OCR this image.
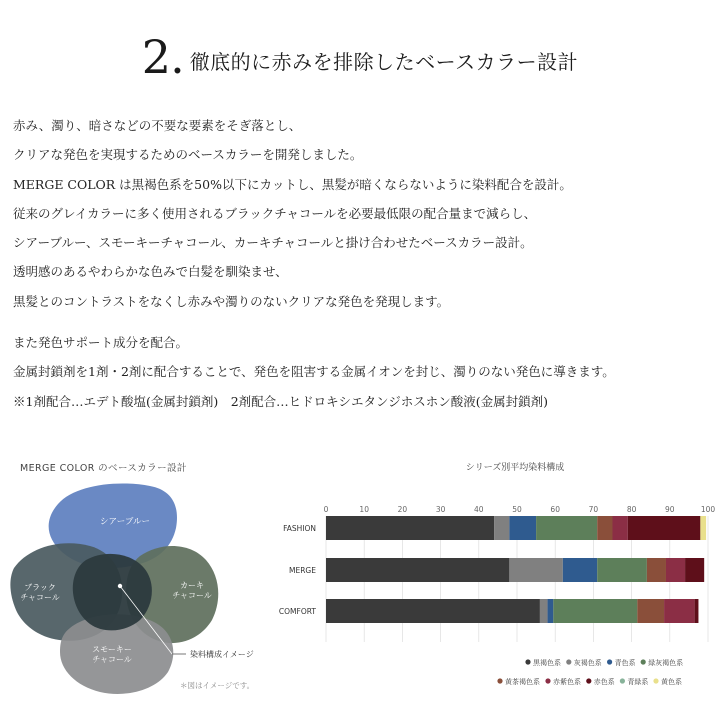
2. 徹底的に赤みを排除したベースカラー設計
赤み、濁り、暗さなどの不要な要素をそぎ落とし、
クリアな発色を実現するためのベースカラーを開発しました。
MERGE COLOR は黒褐色系を50%以下にカットし、黒髪が暗くならないように染料配合を設計。
従来のグレイカラーに多く使用されるブラックチャコールを必要最低限の配合量まで減らし、
シアーブルー、スモーキーチャコール、カーキチャコールと掛け合わせたベースカラー設計。
透明感のあるやわらかな色みで白髪を馴染ませ、
黒髪とのコントラストをなくし赤みや濁りのないクリアな発色を発現します。
また発色サポート成分を配合。
金属封鎖剤を1剤・2剤に配合することで、発色を阻害する金属イオンを封じ、濁りのない発色に導きます。
※1剤配合…エデト酸塩(金属封鎖剤)　2剤配合…ヒドロキシエタンジホスホン酸液(金属封鎖剤)
MERGE COLOR のベースカラー設計
シアーブルー
ブラック
チャコール
カーキ
チャコール
スモーキー
チャコール
染料構成イメージ
＊図はイメージです。
シリーズ別平均染料構成
0	10	20	30	40	50	60	70	80	90	100
FASHION
MERGE
COMFORT
黒褐色系 灰褐色系 青色系 緑灰褐色系
黄茶褐色系 赤紫色系 赤色系 青緑系 黄色系
